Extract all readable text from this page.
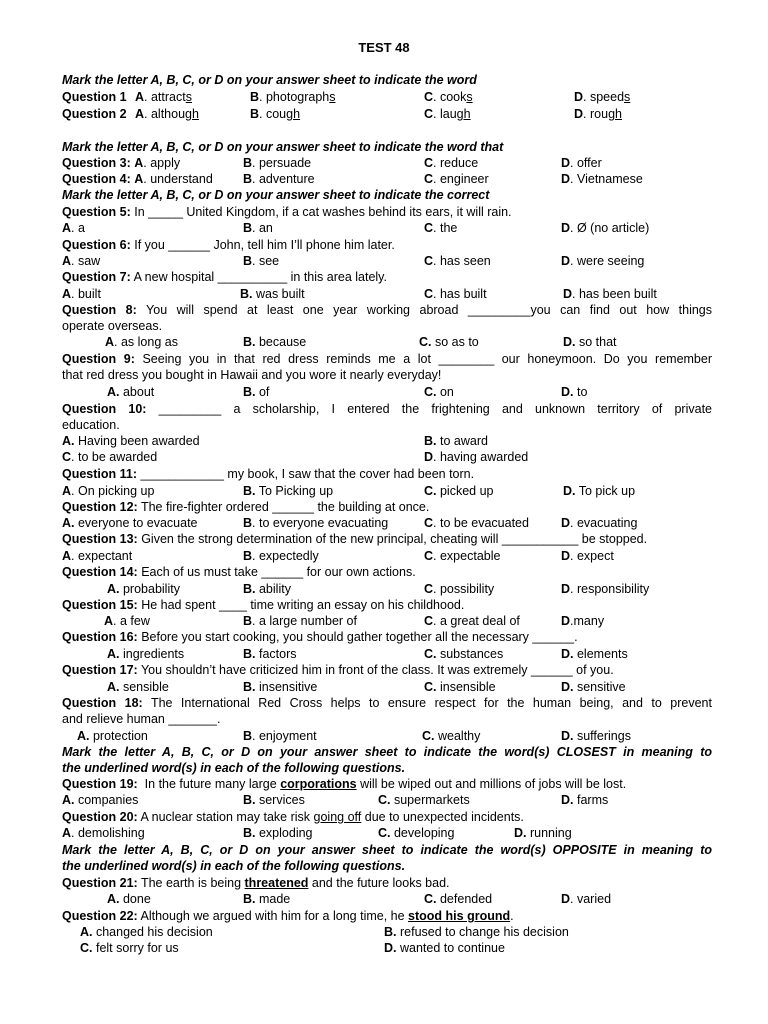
TEST 48
Mark the letter A, B, C, or D on your answer sheet to indicate the word
Question 1 A. attracts	B. photographs	C. cooks	D. speeds
Question 2 A. although	B. cough	C. laugh	D. rough
Mark the letter A, B, C, or D on your answer sheet to indicate the word that
Question 3: A. apply	B. persuade	C. reduce	D. offer
Question 4: A. understand B. adventure	C. engineer	D. Vietnamese
Mark the letter A, B, C, or D on your answer sheet to indicate the correct
Question 5: In _____ United Kingdom, if a cat washes behind its ears, it will rain.
A. a	B. an	C. the	D. Ø (no article)
Question 6: If you ______ John, tell him I’ll phone him later.
A. saw	B. see	C. has seen	D. were seeing
Question 7: A new hospital __________ in this area lately.
A. built	B. was built	C. has built	D. has been built
Question 8: You will spend at least one year working abroad _________you can find out how things
operate overseas.
A. as long as	B. because	C. so as to	D. so that
Question 9: Seeing you in that red dress reminds me a lot ________ our honeymoon. Do you remember
that red dress you bought in Hawaii and you wore it nearly everyday!
A. about	B. of	C. on	D. to
Question 10: _________ a scholarship, I entered the frightening and unknown territory of private
education.
A. Having been awarded	B. to award
C. to be awarded	D. having awarded
Question 11: ____________ my book, I saw that the cover had been torn.
A. On picking up	B. To Picking up	C. picked up	D. To pick up
Question 12: The fire-fighter ordered ______ the building at once.
A. everyone to evacuate	B. to everyone evacuating	C. to be evacuated	D. evacuating
Question 13: Given the strong determination of the new principal, cheating will ___________ be stopped.
A. expectant	B. expectedly	C. expectable	D. expect
Question 14: Each of us must take ______ for our own actions.
A. probability	B. ability	C. possibility	D. responsibility
Question 15: He had spent ____ time writing an essay on his childhood.
A. a few	B. a large number of	C. a great deal of	D.many
Question 16: Before you start cooking, you should gather together all the necessary ______.
A. ingredients	B. factors	C. substances	D. elements
Question 17: You shouldn’t have criticized him in front of the class. It was extremely ______ of you.
A. sensible	B. insensitive	C. insensible	D. sensitive
Question 18: The International Red Cross helps to ensure respect for the human being, and to prevent
and relieve human _______.
A. protection	B. enjoyment	C. wealthy	D. sufferings
Mark the letter A, B, C, or D on your answer sheet to indicate the word(s) CLOSEST in meaning to
the underlined word(s) in each of the following questions.
Question 19: In the future many large corporations will be wiped out and millions of jobs will be lost.
A. companies	B. services	C. supermarkets	D. farms
Question 20: A nuclear station may take risk going off due to unexpected incidents.
A. demolishing	B. exploding	C. developing	D. running
Mark the letter A, B, C, or D on your answer sheet to indicate the word(s) OPPOSITE in meaning to
the underlined word(s) in each of the following questions.
Question 21: The earth is being threatened and the future looks bad.
A. done	B. made	C. defended	D. varied
Question 22: Although we argued with him for a long time, he stood his ground.
A. changed his decision	B. refused to change his decision
C. felt sorry for us	D. wanted to continue
